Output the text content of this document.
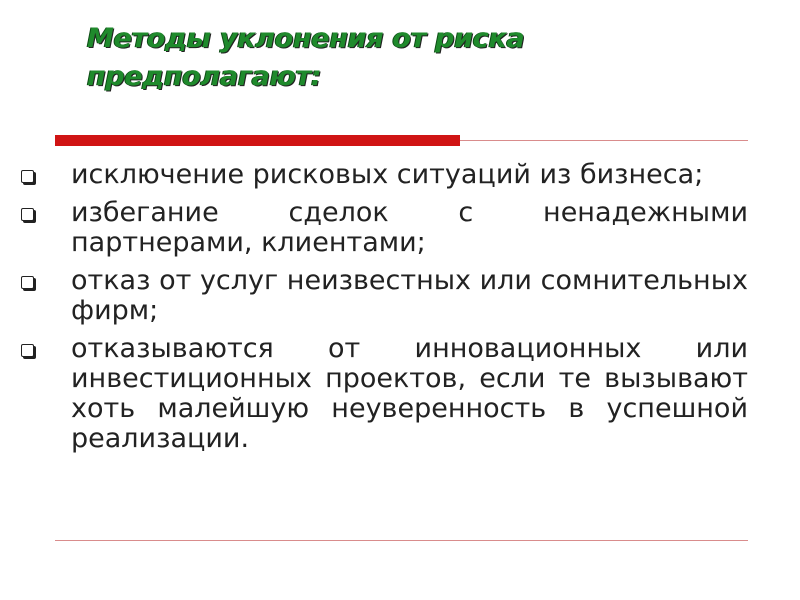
Методы уклонения от риска
предполагают:
исключение рисковых ситуаций из бизнеса;
избегание сделок с ненадежными партнерами, клиентами;
отказ от услуг неизвестных или сомнительных фирм;
отказываются от инновационных или инвестиционных проектов, если те вызывают хоть малейшую неуверенность в успешной реализации.
